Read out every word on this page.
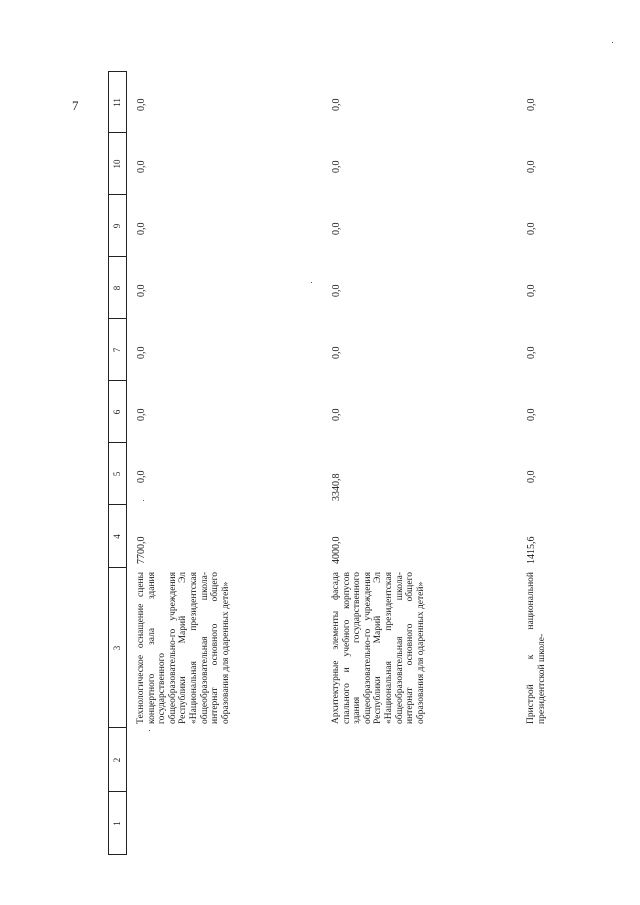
7
1
2
3
4
5
6
7
8
9
10
11
Технологическое оснащение сцены концертного зала здания государственного общеобразовательно-го учреждения Республики Марий Эл «Национальная президентская общеобразовательная школа-интернат основного общего образования для одаренных детей»
7700,0
0,0
0,0
0,0
0,0
0,0
0,0
0,0
Архитектурные элементы фасада спального и учебного корпусов здания государственного общеобразовательно-го учреждения Республики Марий Эл «Национальная президентская общеобразовательная школа-интернат основного общего образования для одаренных детей»
4000,0
3340,8
0,0
0,0
0,0
0,0
0,0
0,0
Пристрой к национальной президентской школе-
1415,6
0,0
0,0
0,0
0,0
0,0
0,0
0,0
